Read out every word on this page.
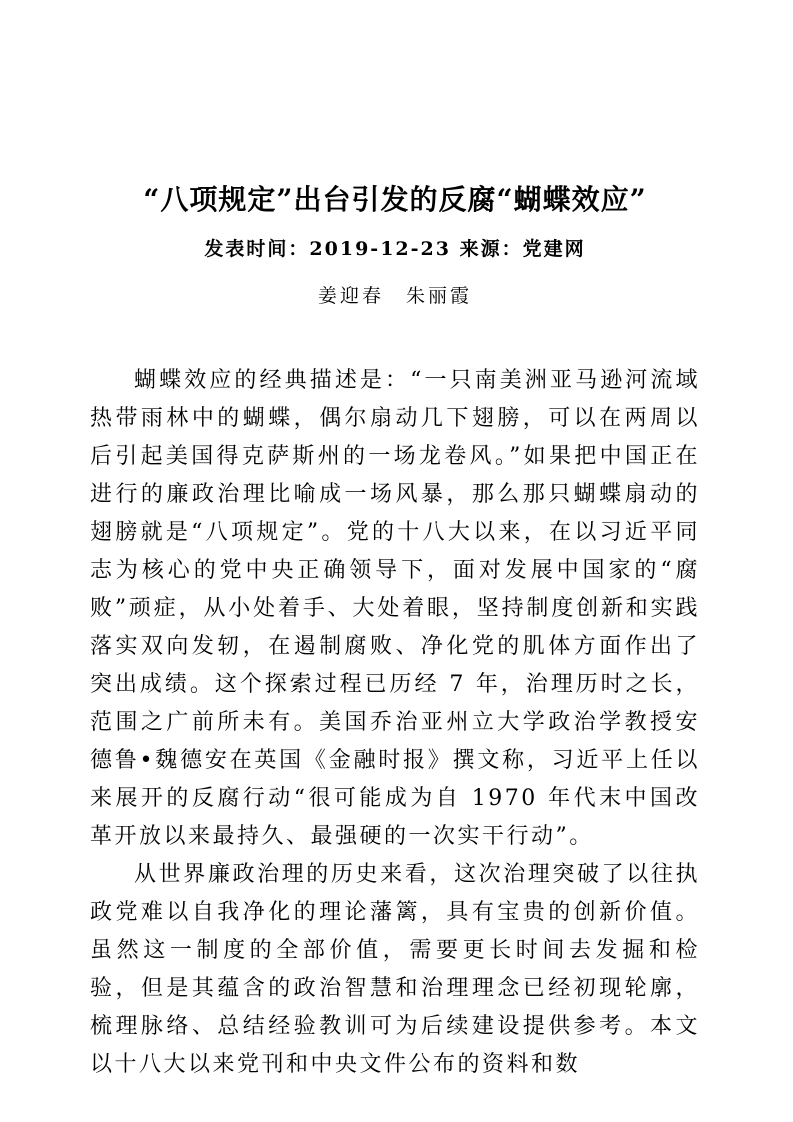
“八项规定”出台引发的反腐“蝴蝶效应”
发表时间：2019-12-23 来源：党建网
姜迎春　朱丽霞

蝴蝶效应的经典描述是：“一只南美洲亚马逊河流域热带雨林中的蝴蝶，偶尔扇动几下翅膀，可以在两周以后引起美国得克萨斯州的一场龙卷风。”如果把中国正在进行的廉政治理比喻成一场风暴，那么那只蝴蝶扇动的翅膀就是“八项规定”。党的十八大以来，在以习近平同志为核心的党中央正确领导下，面对发展中国家的“腐败”顽症，从小处着手、大处着眼，坚持制度创新和实践落实双向发轫，在遏制腐败、净化党的肌体方面作出了突出成绩。这个探索过程已历经 7 年，治理历时之长，范围之广前所未有。美国乔治亚州立大学政治学教授安德鲁•魏德安在英国《金融时报》撰文称，习近平上任以来展开的反腐行动“很可能成为自 1970 年代末中国改革开放以来最持久、最强硬的一次实干行动”。

从世界廉政治理的历史来看，这次治理突破了以往执政党难以自我净化的理论藩篱，具有宝贵的创新价值。虽然这一制度的全部价值，需要更长时间去发掘和检验，但是其蕴含的政治智慧和治理理念已经初现轮廓，梳理脉络、总结经验教训可为后续建设提供参考。本文以十八大以来党刊和中央文件公布的资料和数
